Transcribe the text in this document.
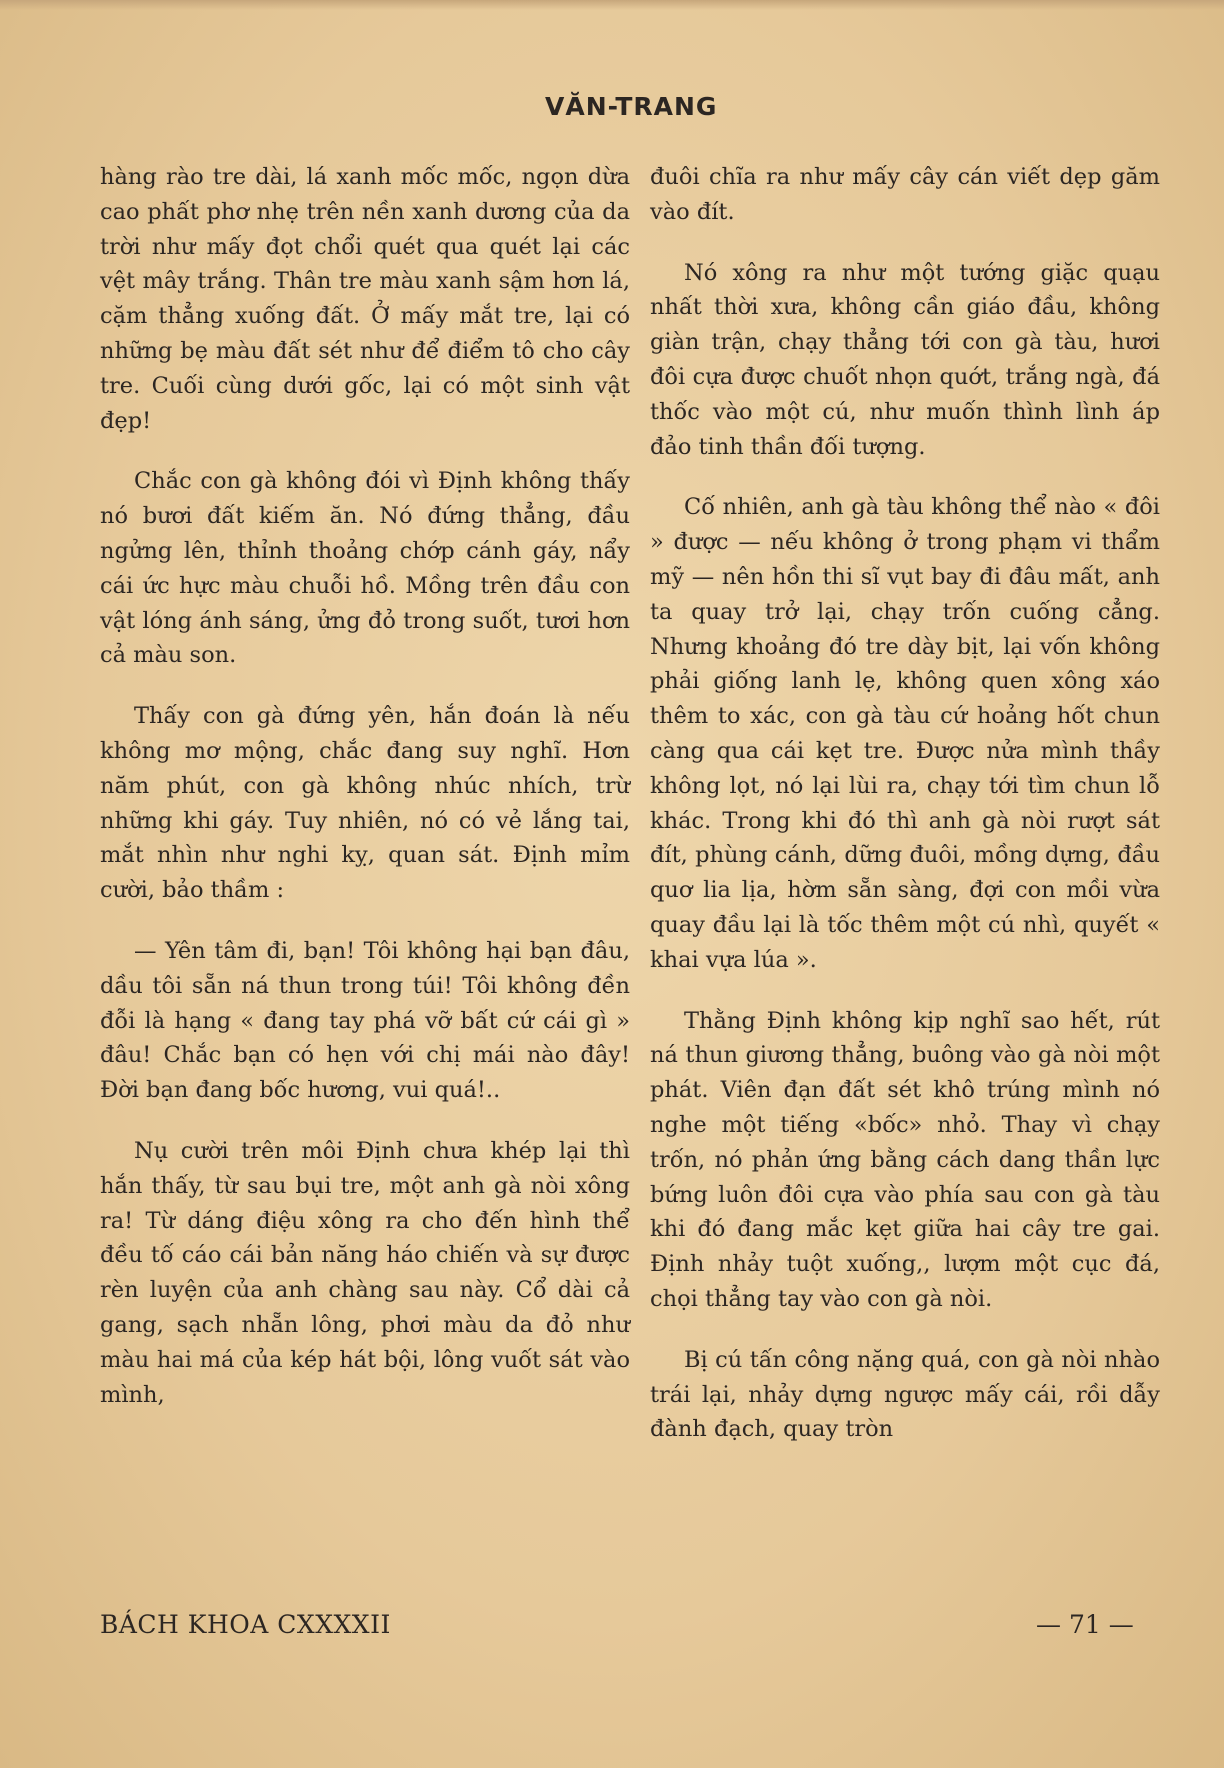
VĂN-TRANG

hàng rào tre dài, lá xanh mốc mốc, ngọn dừa cao phất phơ nhẹ trên nền xanh dương của da trời như mấy đọt chổi quét qua quét lại các vệt mây trắng. Thân tre màu xanh sậm hơn lá, cặm thẳng xuống đất. Ở mấy mắt tre, lại có những bẹ màu đất sét như để điểm tô cho cây tre. Cuối cùng dưới gốc, lại có một sinh vật đẹp!

Chắc con gà không đói vì Định không thấy nó bươi đất kiếm ăn. Nó đứng thẳng, đầu ngửng lên, thỉnh thoảng chớp cánh gáy, nẩy cái ức hực màu chuỗi hồ. Mồng trên đầu con vật lóng ánh sáng, ửng đỏ trong suốt, tươi hơn cả màu son.

Thấy con gà đứng yên, hắn đoán là nếu không mơ mộng, chắc đang suy nghĩ. Hơn năm phút, con gà không nhúc nhích, trừ những khi gáy. Tuy nhiên, nó có vẻ lắng tai, mắt nhìn như nghi kỵ, quan sát. Định mỉm cười, bảo thầm :

— Yên tâm đi, bạn! Tôi không hại bạn đâu, dầu tôi sẵn ná thun trong túi! Tôi không đền đỗi là hạng « đang tay phá vỡ bất cứ cái gì » đâu! Chắc bạn có hẹn với chị mái nào đây! Đời bạn đang bốc hương, vui quá!..

Nụ cười trên môi Định chưa khép lại thì hắn thấy, từ sau bụi tre, một anh gà nòi xông ra! Từ dáng điệu xông ra cho đến hình thể đều tố cáo cái bản năng háo chiến và sự được rèn luyện của anh chàng sau này. Cổ dài cả gang, sạch nhẵn lông, phơi màu da đỏ như màu hai má của kép hát bội, lông vuốt sát vào mình,

đuôi chĩa ra như mấy cây cán viết dẹp găm vào đít.

Nó xông ra như một tướng giặc quạu nhất thời xưa, không cần giáo đầu, không giàn trận, chạy thẳng tới con gà tàu, hươi đôi cựa được chuốt nhọn quớt, trắng ngà, đá thốc vào một cú, như muốn thình lình áp đảo tinh thần đối tượng.

Cố nhiên, anh gà tàu không thể nào « đôi » được — nếu không ở trong phạm vi thẩm mỹ — nên hồn thi sĩ vụt bay đi đâu mất, anh ta quay trở lại, chạy trốn cuống cẳng. Nhưng khoảng đó tre dày bịt, lại vốn không phải giống lanh lẹ, không quen xông xáo thêm to xác, con gà tàu cứ hoảng hốt chun càng qua cái kẹt tre. Được nửa mình thầy không lọt, nó lại lùi ra, chạy tới tìm chun lỗ khác. Trong khi đó thì anh gà nòi rượt sát đít, phùng cánh, dững đuôi, mồng dựng, đầu quơ lia lịa, hờm sẵn sàng, đợi con mồi vừa quay đầu lại là tốc thêm một cú nhì, quyết « khai vựa lúa ».

Thằng Định không kịp nghĩ sao hết, rút ná thun giương thẳng, buông vào gà nòi một phát. Viên đạn đất sét khô trúng mình nó nghe một tiếng «bốc» nhỏ. Thay vì chạy trốn, nó phản ứng bằng cách dang thần lực bứng luôn đôi cựa vào phía sau con gà tàu khi đó đang mắc kẹt giữa hai cây tre gai. Định nhảy tuột xuống,, lượm một cục đá, chọi thẳng tay vào con gà nòi.

Bị cú tấn công nặng quá, con gà nòi nhào trái lại, nhảy dựng ngược mấy cái, rồi dẫy đành đạch, quay tròn

BÁCH KHOA CXXXXII	— 71 —
